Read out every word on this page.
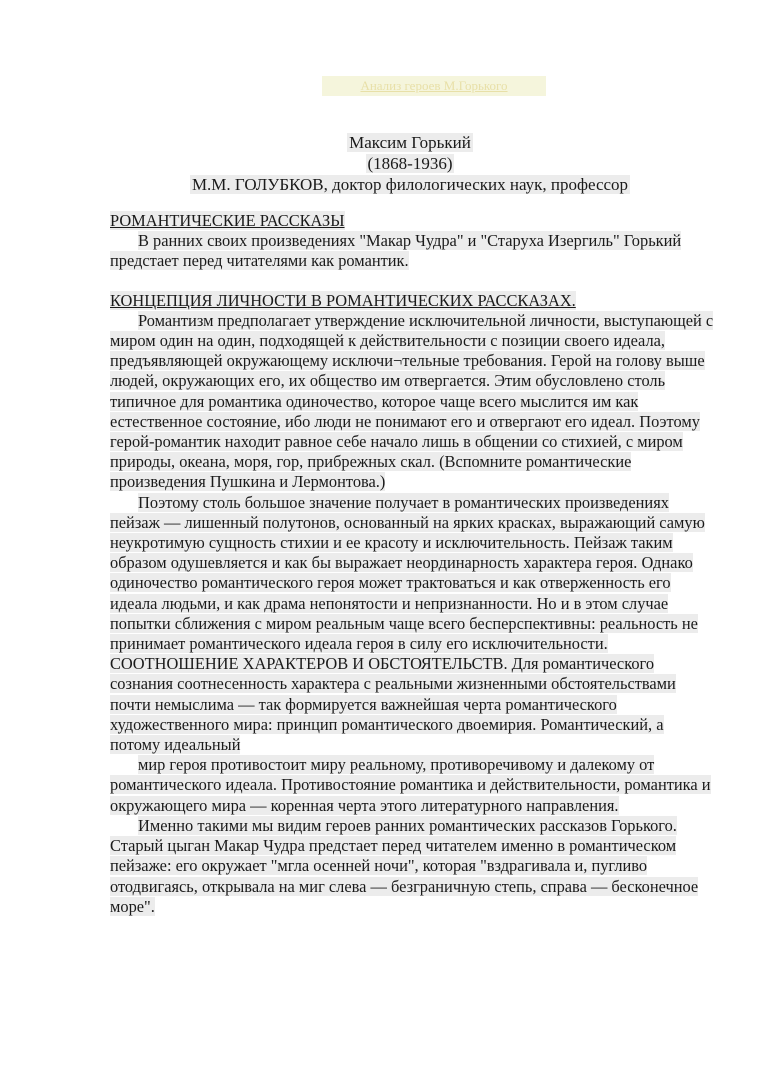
Анализ героев М.Горького
Максим Горький
(1868-1936)
М.М. ГОЛУБКОВ, доктор филологических наук, профессор

РОМАНТИЧЕСКИЕ РАССКАЗЫ

В ранних своих произведениях "Макар Чудра" и "Старуха Изергиль" Горький предстает перед читателями как романтик.

КОНЦЕПЦИЯ ЛИЧНОСТИ В РОМАНТИЧЕСКИХ РАССКАЗАХ.

Романтизм предполагает утверждение исключительной личности, выступающей с миром один на один, подходящей к действительности с позиции своего идеала, предъявляющей окружающему исключи¬тельные требования. Герой на голову выше людей, окружающих его, их общество им отвергается. Этим обусловлено столь типичное для романтика одиночество, которое чаще всего мыслится им как естественное состояние, ибо люди не понимают его и отвергают его идеал. Поэтому герой-романтик находит равное себе начало лишь в общении со стихией, с миром природы, океана, моря, гор, прибрежных скал. (Вспомните романтические произведения Пушкина и Лермонтова.)

Поэтому столь большое значение получает в романтических произведениях пейзаж — лишенный полутонов, основанный на ярких красках, выражающий самую неукротимую сущность стихии и ее красоту и исключительность. Пейзаж таким образом одушевляется и как бы выражает неординарность характера героя. Однако одиночество романтического героя может трактоваться и как отверженность его идеала людьми, и как драма непонятости и непризнанности. Но и в этом случае попытки сближения с миром реальным чаще всего бесперспективны: реальность не принимает романтического идеала героя в силу его исключительности.

СООТНОШЕНИЕ ХАРАКТЕРОВ И ОБСТОЯТЕЛЬСТВ. Для романтического сознания соотнесенность характера с реальными жизненными обстоятельствами почти немыслима — так формируется важнейшая черта романтического художественного мира: принцип романтического двоемирия. Романтический, а потому идеальный

мир героя противостоит миру реальному, противоречивому и далекому от романтического идеала. Противостояние романтика и действительности, романтика и окружающего мира — коренная черта этого литературного направления.

Именно такими мы видим героев ранних романтических рассказов Горького. Старый цыган Макар Чудра предстает перед читателем именно в романтическом пейзаже: его окружает "мгла осенней ночи", которая "вздрагивала и, пугливо отодвигаясь, открывала на миг слева — безграничную степь, справа — бесконечное море".
